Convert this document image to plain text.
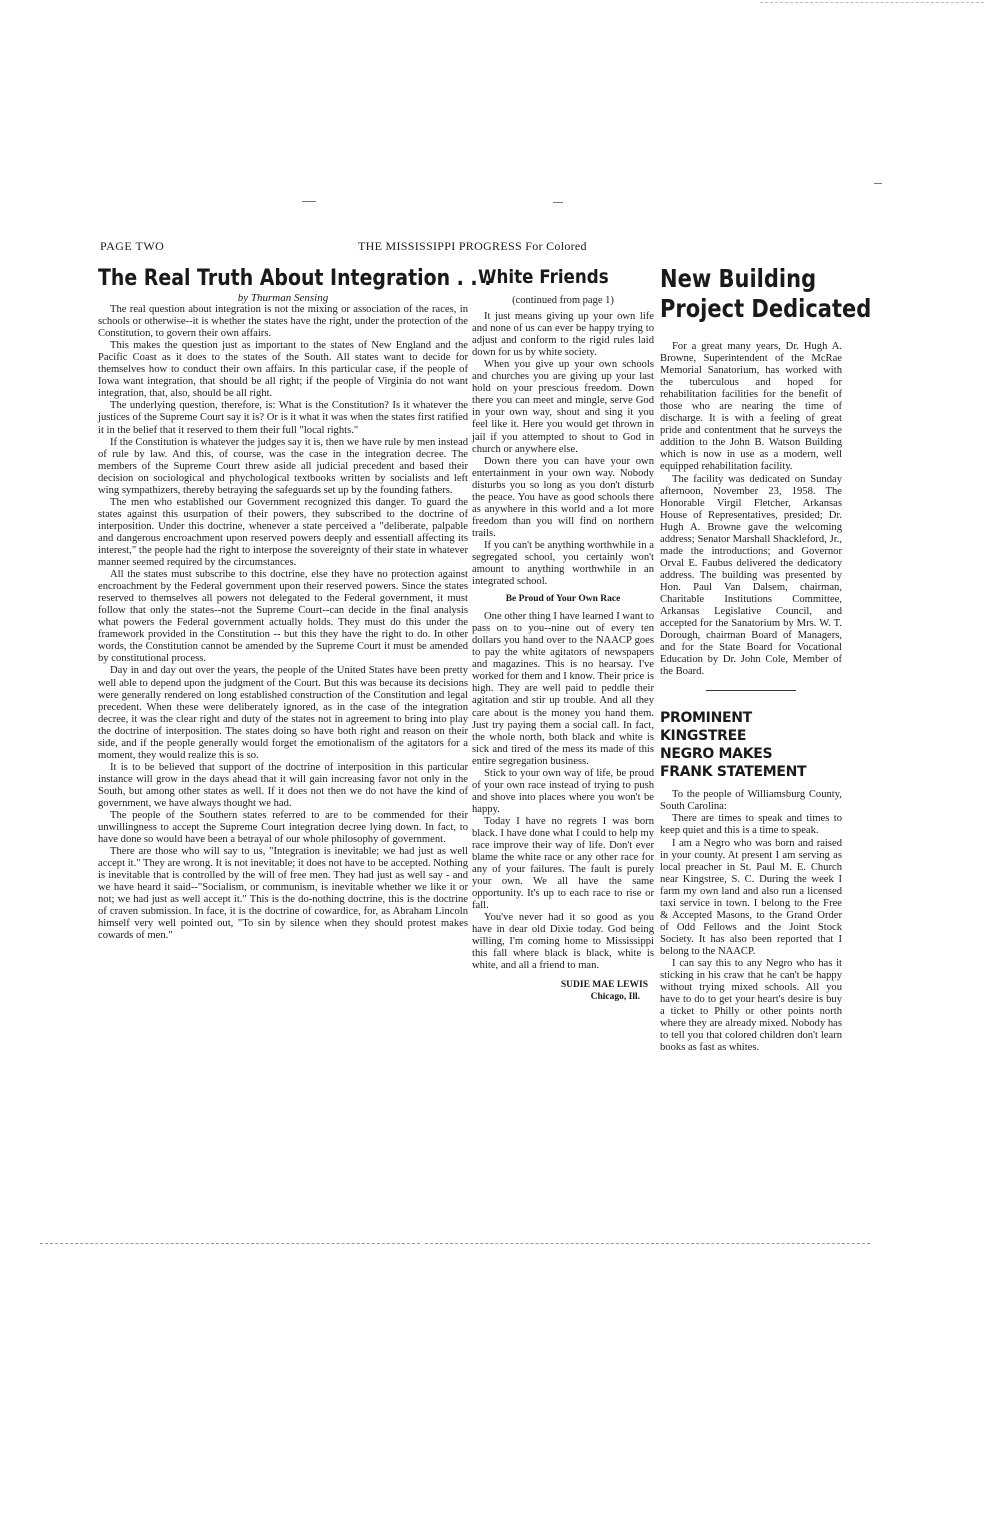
PAGE TWO	THE MISSISSIPPI PROGRESS For Colored
The Real Truth About Integration . . .
by Thurman Sensing

The real question about integration is not the mixing or association of the races, in schools or otherwise--it is whether the states have the right, under the protection of the Constitution, to govern their own affairs.

This makes the question just as important to the states of New England and the Pacific Coast as it does to the states of the South. All states want to decide for themselves how to conduct their own affairs. In this particular case, if the people of Iowa want integration, that should be all right; if the people of Virginia do not want integration, that, also, should be all right.

The underlying question, therefore, is: What is the Constitution? Is it whatever the justices of the Supreme Court say it is? Or is it what it was when the states first ratified it in the belief that it reserved to them their full "local rights."

If the Constitution is whatever the judges say it is, then we have rule by men instead of rule by law. And this, of course, was the case in the integration decree. The members of the Supreme Court threw aside all judicial precedent and based their decision on sociological and phychological textbooks written by socialists and left wing sympathizers, thereby betraying the safeguards set up by the founding fathers.

The men who established our Government recognized this danger. To guard the states against this usurpation of their powers, they subscribed to the doctrine of interposition. Under this doctrine, whenever a state perceived a "deliberate, palpable and dangerous encroachment upon reserved powers deeply and essentiall affecting its interest," the people had the right to interpose the sovereignty of their state in whatever manner seemed required by the circumstances.

All the states must subscribe to this doctrine, else they have no protection against encroachment by the Federal government upon their reserved powers. Since the states reserved to themselves all powers not delegated to the Federal government, it must follow that only the states--not the Supreme Court--can decide in the final analysis what powers the Federal government actually holds. They must do this under the framework provided in the Constitution -- but this they have the right to do. In other words, the Constitution cannot be amended by the Supreme Court it must be amended by constitutional process.

Day in and day out over the years, the people of the United States have been pretty well able to depend upon the judgment of the Court. But this was because its decisions were generally rendered on long established construction of the Constitution and legal precedent. When these were deliberately ignored, as in the case of the integration decree, it was the clear right and duty of the states not in agreement to bring into play the doctrine of interposition. The states doing so have both right and reason on their side, and if the people generally would forget the emotionalism of the agitators for a moment, they would realize this is so.

It is to be believed that support of the doctrine of interposition in this particular instance will grow in the days ahead that it will gain increasing favor not only in the South, but among other states as well. If it does not then we do not have the kind of government, we have always thought we had.

The people of the Southern states referred to are to be commended for their unwillingness to accept the Supreme Court integration decree lying down. In fact, to have done so would have been a betrayal of our whole philosophy of government.

There are those who will say to us, "Integration is inevitable; we had just as well accept it." They are wrong. It is not inevitable; it does not have to be accepted. Nothing is inevitable that is controlled by the will of free men. They had just as well say - and we have heard it said--"Socialism, or communism, is inevitable whether we like it or not; we had just as well accept it." This is the do-nothing doctrine, this is the doctrine of craven submission. In face, it is the doctrine of cowardice, for, as Abraham Lincoln himself very well pointed out, "To sin by silence when they should protest makes cowards of men."

White Friends
(continued from page 1)

It just means giving up your own life and none of us can ever be happy trying to adjust and conform to the rigid rules laid down for us by white society.

When you give up your own schools and churches you are giving up your last hold on your prescious freedom. Down there you can meet and mingle, serve God in your own way, shout and sing it you feel like it. Here you would get thrown in jail if you attempted to shout to God in church or anywhere else.

Down there you can have your own entertainment in your own way. Nobody disturbs you so long as you don't disturb the peace. You have as good schools there as anywhere in this world and a lot more freedom than you will find on northern trails.

If you can't be anything worthwhile in a segregated school, you certainly won't amount to anything worthwhile in an integrated school.

Be Proud of Your Own Race

One other thing I have learned I want to pass on to you--nine out of every ten dollars you hand over to the NAACP goes to pay the white agitators of newspapers and magazines. This is no hearsay. I've worked for them and I know. Their price is high. They are well paid to peddle their agitation and stir up trouble. And all they care about is the money you hand them. Just try paying them a social call. In fact, the whole north, both black and white is sick and tired of the mess its made of this entire segregation business.

Stick to your own way of life, be proud of your own race instead of trying to push and shove into places where you won't be happy.

Today I have no regrets I was born black. I have done what I could to help my race improve their way of life. Don't ever blame the white race or any other race for any of your failures. The fault is purely your own. We all have the same opportunity. It's up to each race to rise or fall.

You've never had it so good as you have in dear old Dixie today. God being willing, I'm coming home to Mississippi this fall where black is black, white is white, and all a friend to man.

SUDIE MAE LEWIS
Chicago, Ill.
New Building
Project Dedicated

For a great many years, Dr. Hugh A. Browne, Superintendent of the McRae Memorial Sanatorium, has worked with the tuberculous and hoped for rehabilitation facilities for the benefit of those who are nearing the time of discharge. It is with a feeling of great pride and contentment that he surveys the addition to the John B. Watson Building which is now in use as a modern, well equipped rehabilitation facility.

The facility was dedicated on Sunday afternoon, November 23, 1958. The Honorable Virgil Fletcher, Arkansas House of Representatives, presided; Dr. Hugh A. Browne gave the welcoming address; Senator Marshall Shackleford, Jr., made the introductions; and Governor Orval E. Faubus delivered the dedicatory address. The building was presented by Hon. Paul Van Dalsem, chairman, Charitable Institutions Committee, Arkansas Legislative Council, and accepted for the Sanatorium by Mrs. W. T. Dorough, chairman Board of Managers, and for the State Board for Vocational Education by Dr. John Cole, Member of the Board.

PROMINENT KINGSTREE
NEGRO MAKES
FRANK STATEMENT

To the people of Williamsburg County, South Carolina:

There are times to speak and times to keep quiet and this is a time to speak.

I am a Negro who was born and raised in your county. At present I am serving as local preacher in St. Paul M. E. Church near Kingstree, S. C. During the week I farm my own land and also run a licensed taxi service in town. I belong to the Free & Accepted Masons, to the Grand Order of Odd Fellows and the Joint Stock Society. It has also been reported that I belong to the NAACP.

I can say this to any Negro who has it sticking in his craw that he can't be happy without trying mixed schools. All you have to do to get your heart's desire is buy a ticket to Philly or other points north where they are already mixed. Nobody has to tell you that colored children don't learn books as fast as whites.
